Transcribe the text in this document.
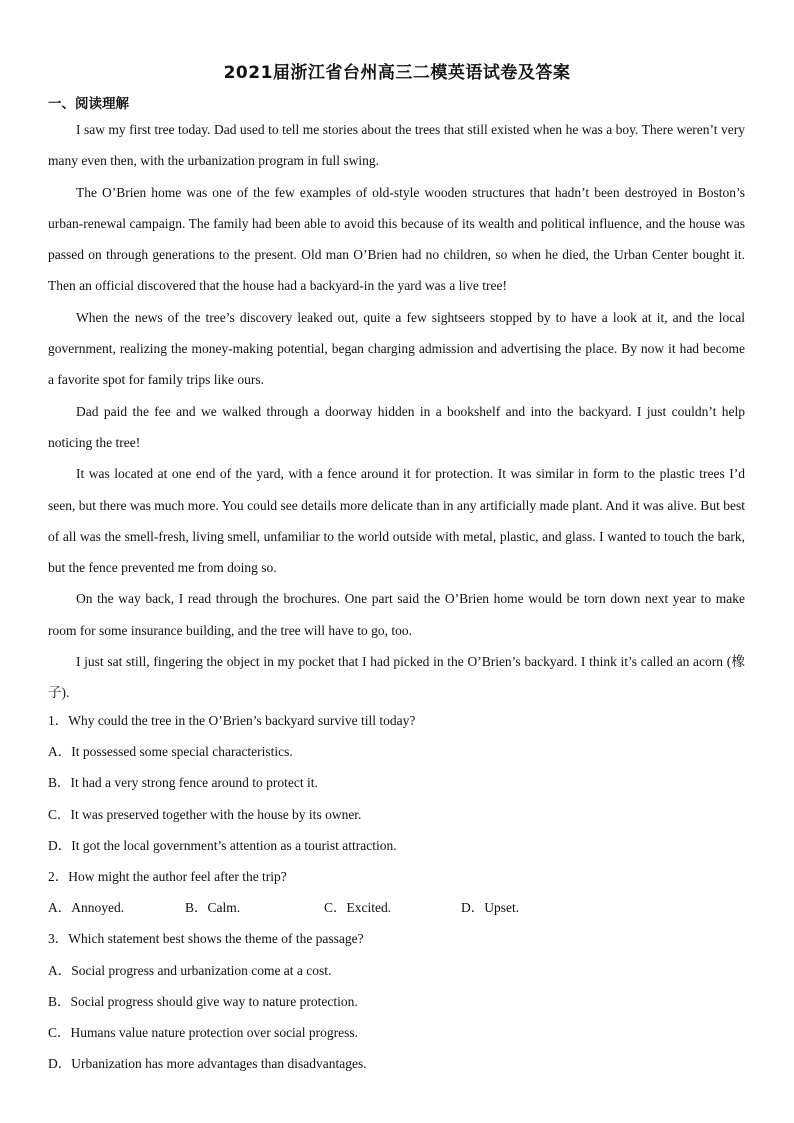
2021届浙江省台州高三二模英语试卷及答案
一、阅读理解

I saw my first tree today. Dad used to tell me stories about the trees that still existed when he was a boy. There weren’t very many even then, with the urbanization program in full swing.

The O’Brien home was one of the few examples of old-style wooden structures that hadn’t been destroyed in Boston’s urban-renewal campaign. The family had been able to avoid this because of its wealth and political influence, and the house was passed on through generations to the present. Old man O’Brien had no children, so when he died, the Urban Center bought it. Then an official discovered that the house had a backyard-in the yard was a live tree!

When the news of the tree’s discovery leaked out, quite a few sightseers stopped by to have a look at it, and the local government, realizing the money-making potential, began charging admission and advertising the place. By now it had become a favorite spot for family trips like ours.

Dad paid the fee and we walked through a doorway hidden in a bookshelf and into the backyard. I just couldn’t help noticing the tree!

It was located at one end of the yard, with a fence around it for protection. It was similar in form to the plastic trees I’d seen, but there was much more. You could see details more delicate than in any artificially made plant. And it was alive. But best of all was the smell-fresh, living smell, unfamiliar to the world outside with metal, plastic, and glass. I wanted to touch the bark, but the fence prevented me from doing so.

On the way back, I read through the brochures. One part said the O’Brien home would be torn down next year to make room for some insurance building, and the tree will have to go, too.

I just sat still, fingering the object in my pocket that I had picked in the O’Brien’s backyard. I think it’s called an acorn (橡子).

1．Why could the tree in the O’Brien’s backyard survive till today?
A．It possessed some special characteristics.
B．It had a very strong fence around to protect it.
C．It was preserved together with the house by its owner.
D．It got the local government’s attention as a tourist attraction.
2．How might the author feel after the trip?
A．Annoyed.	B．Calm.	C．Excited.	D．Upset.
3．Which statement best shows the theme of the passage?
A．Social progress and urbanization come at a cost.
B．Social progress should give way to nature protection.
C．Humans value nature protection over social progress.
D．Urbanization has more advantages than disadvantages.
